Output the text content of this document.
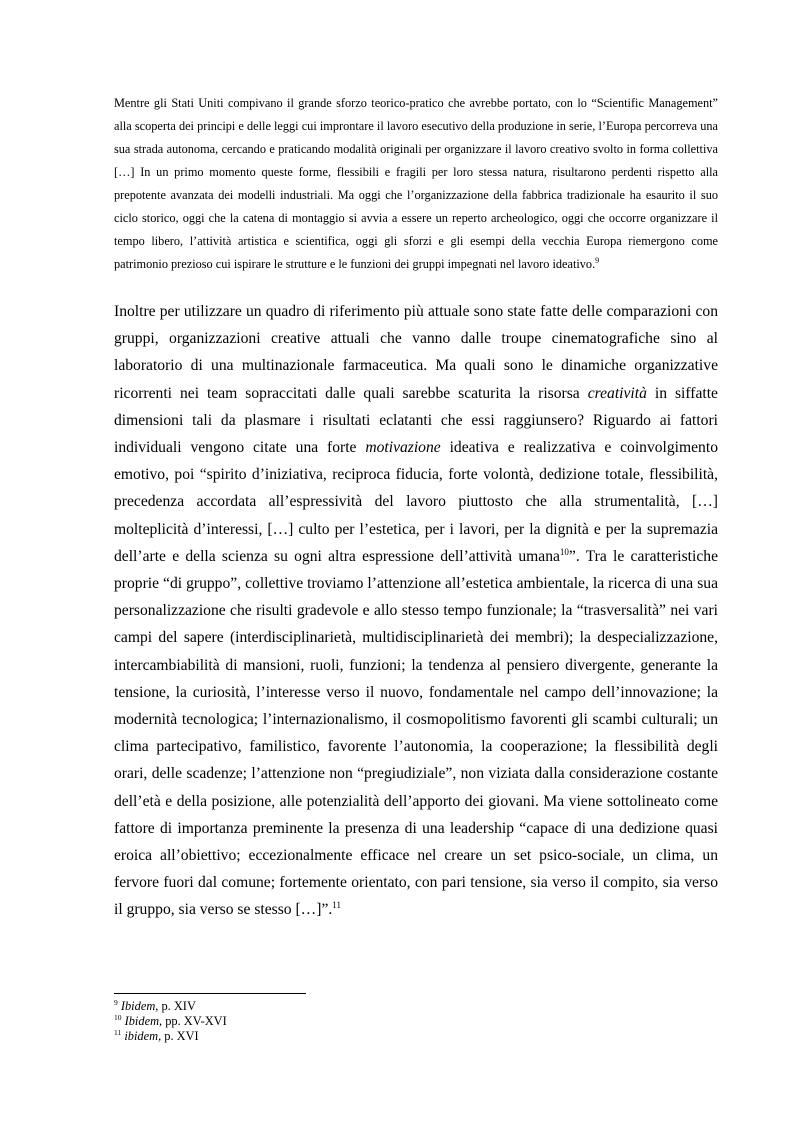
Mentre gli Stati Uniti compivano il grande sforzo teorico-pratico che avrebbe portato, con lo “Scientific Management” alla scoperta dei principi e delle leggi cui improntare il lavoro esecutivo della produzione in serie, l’Europa percorreva una sua strada autonoma, cercando e praticando modalità originali per organizzare il lavoro creativo svolto in forma collettiva […] In un primo momento queste forme, flessibili e fragili per loro stessa natura, risultarono perdenti rispetto alla prepotente avanzata dei modelli industriali. Ma oggi che l’organizzazione della fabbrica tradizionale ha esaurito il suo ciclo storico, oggi che la catena di montaggio si avvia a essere un reperto archeologico, oggi che occorre organizzare il tempo libero, l’attività artistica e scientifica, oggi gli sforzi e gli esempi della vecchia Europa riemergono come patrimonio prezioso cui ispirare le strutture e le funzioni dei gruppi impegnati nel lavoro ideativo.$^9$

Inoltre per utilizzare un quadro di riferimento più attuale sono state fatte delle comparazioni con gruppi, organizzazioni creative attuali che vanno dalle troupe cinematografiche sino al laboratorio di una multinazionale farmaceutica. Ma quali sono le dinamiche organizzative ricorrenti nei team sopraccitati dalle quali sarebbe scaturita la risorsa creatività in siffatte dimensioni tali da plasmare i risultati eclatanti che essi raggiunsero? Riguardo ai fattori individuali vengono citate una forte motivazione ideativa e realizzativa e coinvolgimento emotivo, poi “spirito d’iniziativa, reciproca fiducia, forte volontà, dedizione totale, flessibilità, precedenza accordata all’espressività del lavoro piuttosto che alla strumentalità, […] molteplicità d’interessi, […] culto per l’estetica, per i lavori, per la dignità e per la supremazia dell’arte e della scienza su ogni altra espressione dell’attività umana$^{10}$”. Tra le caratteristiche proprie “di gruppo”, collettive troviamo l’attenzione all’estetica ambientale, la ricerca di una sua personalizzazione che risulti gradevole e allo stesso tempo funzionale; la “trasversalità” nei vari campi del sapere (interdisciplinarietà, multidisciplinarietà dei membri); la despecializzazione, intercambiabilità di mansioni, ruoli, funzioni; la tendenza al pensiero divergente, generante la tensione, la curiosità, l’interesse verso il nuovo, fondamentale nel campo dell’innovazione; la modernità tecnologica; l’internazionalismo, il cosmopolitismo favorenti gli scambi culturali; un clima partecipativo, familistico, favorente l’autonomia, la cooperazione; la flessibilità degli orari, delle scadenze; l’attenzione non “pregiudiziale”, non viziata dalla considerazione costante dell’età e della posizione, alle potenzialità dell’apporto dei giovani. Ma viene sottolineato come fattore di importanza preminente la presenza di una leadership “capace di una dedizione quasi eroica all’obiettivo; eccezionalmente efficace nel creare un set psico-sociale, un clima, un fervore fuori dal comune; fortemente orientato, con pari tensione, sia verso il compito, sia verso il gruppo, sia verso se stesso […]”.$^{11}$

$^9$ Ibidem, p. XIV
$^{10}$ Ibidem, pp. XV-XVI
$^{11}$ ibidem, p. XVI
